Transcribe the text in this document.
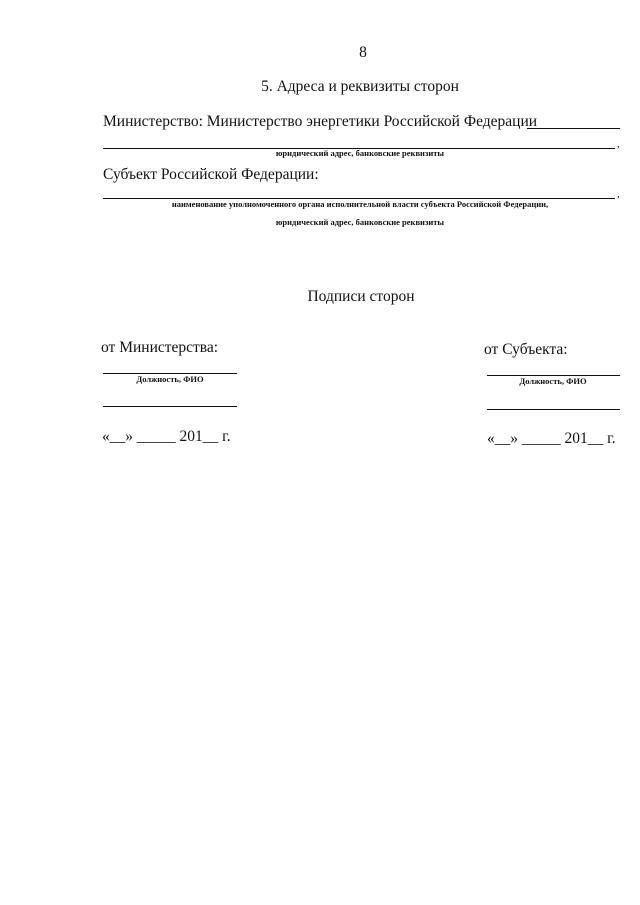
8
5. Адреса и реквизиты сторон
Министерство: Министерство энергетики Российской Федерации
,
юридический адрес, банковские реквизиты
Субъект Российской Федерации:
,
наименование уполномоченного органа исполнительной власти субъекта Российской Федерации,
юридический адрес, банковские реквизиты
Подписи сторон
от Министерства:
Должность, ФИО
«__» _____ 201__ г.
от Субъекта:
Должность, ФИО
«__» _____ 201__ г.
